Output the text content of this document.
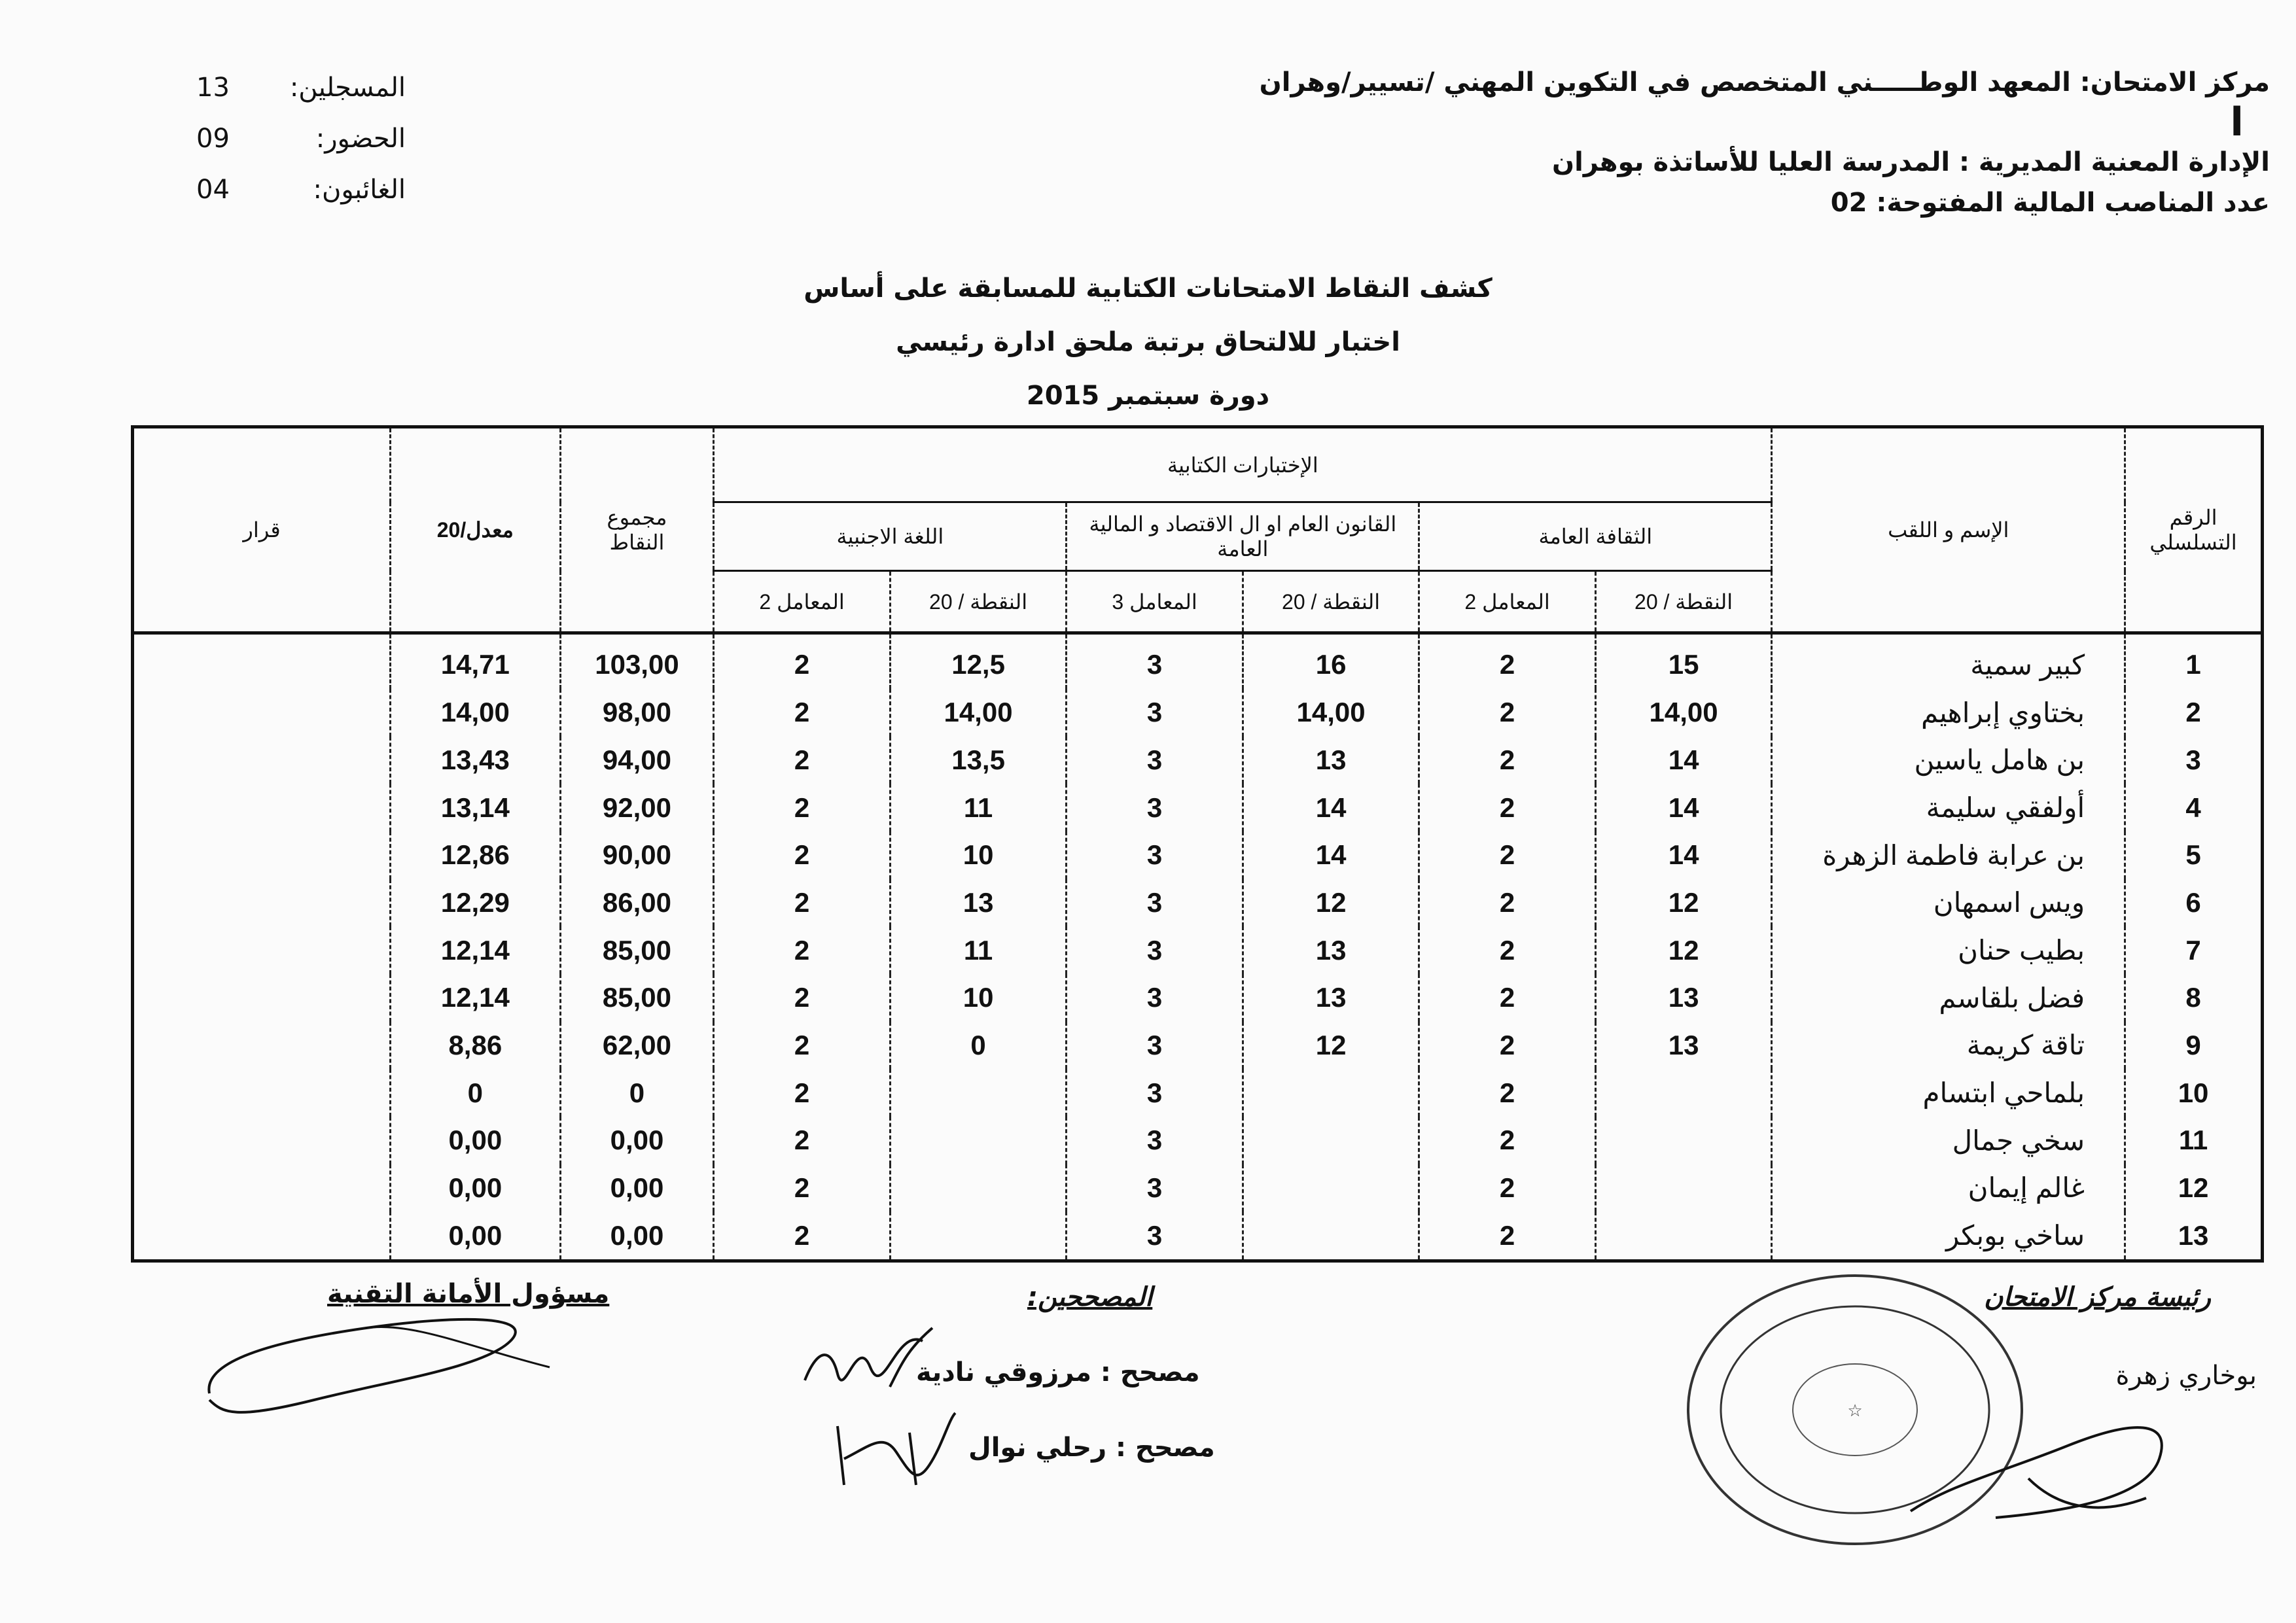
مركز الامتحان: المعهد الوطـــــني المتخصص في التكوين المهني /تسيير/وهران
ا
الإدارة المعنية المديرية : المدرسة العليا للأساتذة بوهران
عدد المناصب المالية المفتوحة: 02
المسجلين:
13
الحضور:
09
الغائبون:
04
كشف النقاط الامتحانات الكتابية للمسابقة على أساس
اختبار للالتحاق برتبة ملحق ادارة رئيسي
دورة سبتمبر 2015
الرقم التسلسلي	الإسم و اللقب	الإختبارات الكتابية						مجموع النقاط	معدل/20	قرار
		الثقافة العامة		القانون العام او ال الاقتصاد و المالية العامة		اللغة الاجنبية				
		النقطة / 20	المعامل 2	النقطة / 20	المعامل 3	النقطة / 20	المعامل 2			
1	كبير سمية	15	2	16	3	12,5	2	103,00	14,71	
2	بختاوي إبراهيم	14,00	2	14,00	3	14,00	2	98,00	14,00	
3	بن هامل ياسين	14	2	13	3	13,5	2	94,00	13,43	
4	أولفقي سليمة	14	2	14	3	11	2	92,00	13,14	
5	بن عرابة فاطمة الزهرة	14	2	14	3	10	2	90,00	12,86	
6	ويس اسمهان	12	2	12	3	13	2	86,00	12,29	
7	بطيب حنان	12	2	13	3	11	2	85,00	12,14	
8	فضل بلقاسم	13	2	13	3	10	2	85,00	12,14	
9	تاقة كريمة	13	2	12	3	0	2	62,00	8,86	
10	بلماحي ابتسام		2		3		2	0	0	
11	سخي جمال		2		3		2	0,00	0,00	
12	غالم إيمان		2		3		2	0,00	0,00	
13	ساخي بوبكر		2		3		2	0,00	0,00	
رئيسة مركز الامتحان
بوخاري زهرة
المصححين:
مصحح : مرزوقي نادية
مصحح : رحلي نوال
مسؤول الأمانة التقنية
☆
